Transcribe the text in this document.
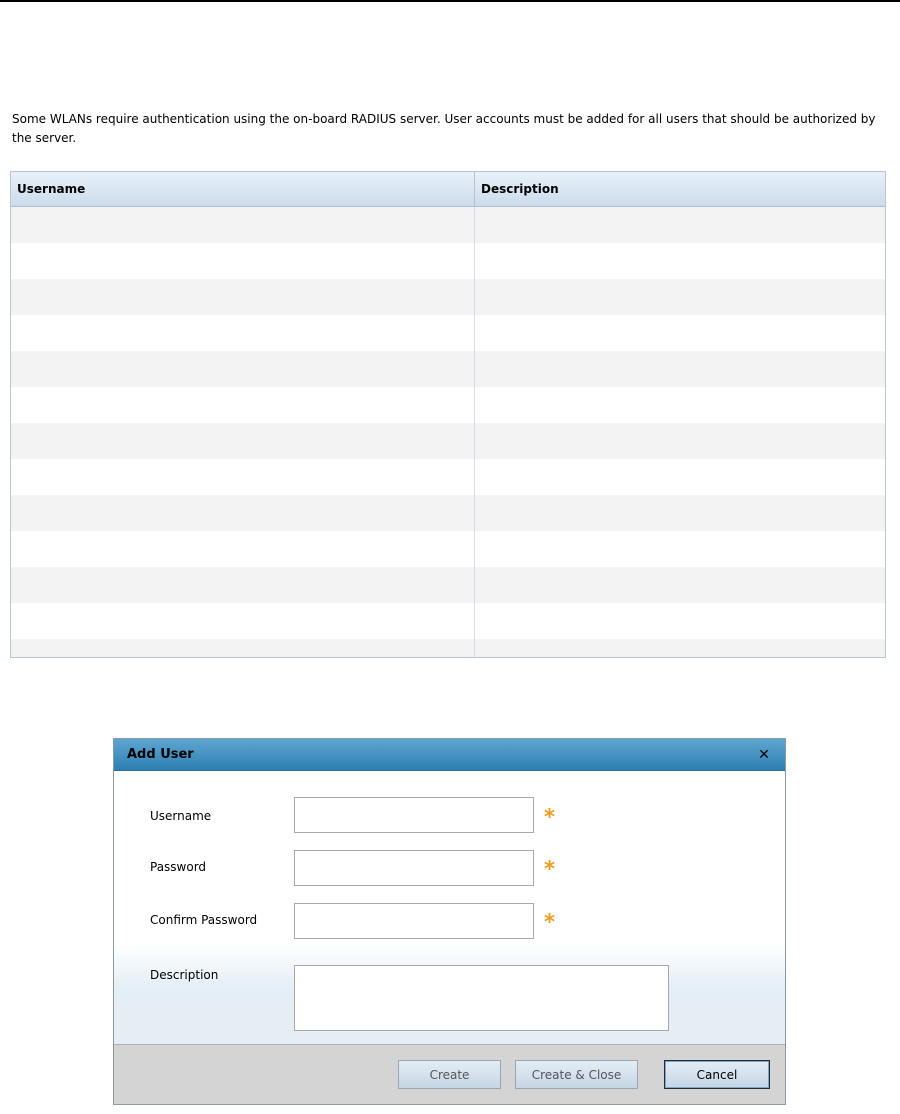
Some WLANs require authentication using the on-board RADIUS server. User accounts must be added for all users that should be authorized by the server.

Username	Description
Add User	✕
Username	*
Password	*
Confirm Password	*
Description
Create	Create & Close	Cancel
